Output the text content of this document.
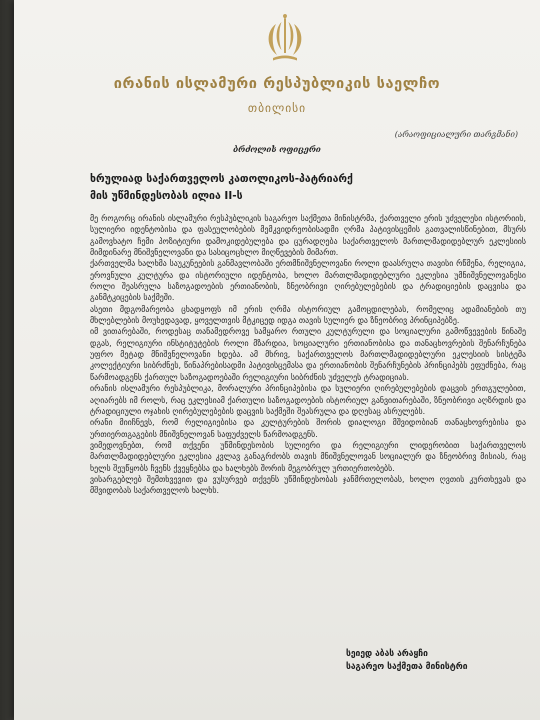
ირანის ისლამური რესპუბლიკის საელჩო
თბილისი
(არაოფიციალური თარგმანი)
ბრძოლის ოფიცერი
ხრულიად საქართველოს კათოლიკოს-პატრიარქ
მის უწმინდესობას ილია II-ს

მე როგორც ირანის ისლამური რესპუბლიკის საგარეო საქმეთა მინისტრმა, ქართველი ერის უძველესი ისტორიის, სულიერი იდენტობისა და ფასეულობების მემკვიდრეობისადმი ღრმა პატივისცემის გათვალისწინებით, მსურს გამოვხატო ჩემი პოზიტიური დამოკიდებულება და ცურადღება საქართველოს მართლმადიდებლურ ეკლესიის მიმდინარე მნიშვნელოვანი და სასიცოცხლო მიღწევების მიმართ.

ქართველმა ხალხმა საუკუნეების განმავლობაში ერთმნიშვნელოვანი როლი დაასრულა თავისი რწმენა, რელიგია, ეროვნული კულტურა და ისტორიული იდენტობა, ხოლო მართლმადიდებლური ეკლესია უმნიშვნელოვანესი როლი შეასრულა საზოგადოების ერთიანობის, ზნეობრივი ღირებულებების და ტრადიციების დაცვისა და განმტკიცების საქმეში.

ასეთი მდგომარეობა ცხადყოფს იმ ერის ღრმა ისტორიულ გამოცდილებას, რომელიც ადამიანების თუ მხლებლების მოუხედავად, ყოველთვის მტკიცედ იდგა თავის სულიერ და ზნეობრივ პრინციპებზე.

იმ ვითარებაში, როდესაც თანამედროვე სამყარო რთული კულტურული და სოციალური გამოწვევების წინაშე დგას, რელიგიური ინსტიტუტების როლი მზარდია, სოციალური ერთიანობისა და თანაცხოვრების შენარჩუნება უფრო მეტად მნიშვნელოვანი ხდება. ამ მხრივ, საქართველოს მართლმადიდებლური ეკლესიის სისტემა კოლექტიური სიბრძნეს, წინაპრებისადმი პატივისცემასა და ერთიანობის შენარჩუნების პრინციპებს ეფუძნება, რაც წარმოადგენს ქართულ საზოგადოებაში რელიგიური სიბრძნის უძველეს ტრადიციას.

ირანის ისლამური რესპუბლიკა, მორალური პრინციპებისა და სულიერი ღირებულებების დაცვის ერთგულებით, აღიარებს იმ როლს, რაც ეკლესიამ ქართული საზოგადოების ისტორიულ განვითარებაში, ზნეობრივი აღზრდის და ტრადიციული ოჯახის ღირებულებების დაცვის საქმეში შეასრულა და დღესაც ასრულებს.

ირანი მიიჩნევს, რომ რელიგიებისა და კულტურების შორის დიალოგი მშვიდობიან თანაცხოვრებისა და ურთიერთგაგების მნიშვნელოვან საფუძველს წარმოადგენს.

ვიმედოვნებთ, რომ თქვენი უწმინდესობის სულიერი და რელიგიური ლიდერობით საქართველოს მართლმადიდებლური ეკლესია კვლავ განაგრძობს თავის მნიშვნელოვან სოციალურ და ზნეობრივ მისიას, რაც ხელს შეუწყობს ჩვენს ქვეყნებსა და ხალხებს შორის მეგობრულ ურთიერთობებს.

ვისარგებლებ შემთხვევით და ვუსურვებ თქვენს უწმინდესობას ჯანმრთელობას, ხოლო ღვთის კურთხევას და მშვიდობას საქართველოს ხალხს.

სეიედ აბას არაყჩი
საგარეო საქმეთა მინისტრი
